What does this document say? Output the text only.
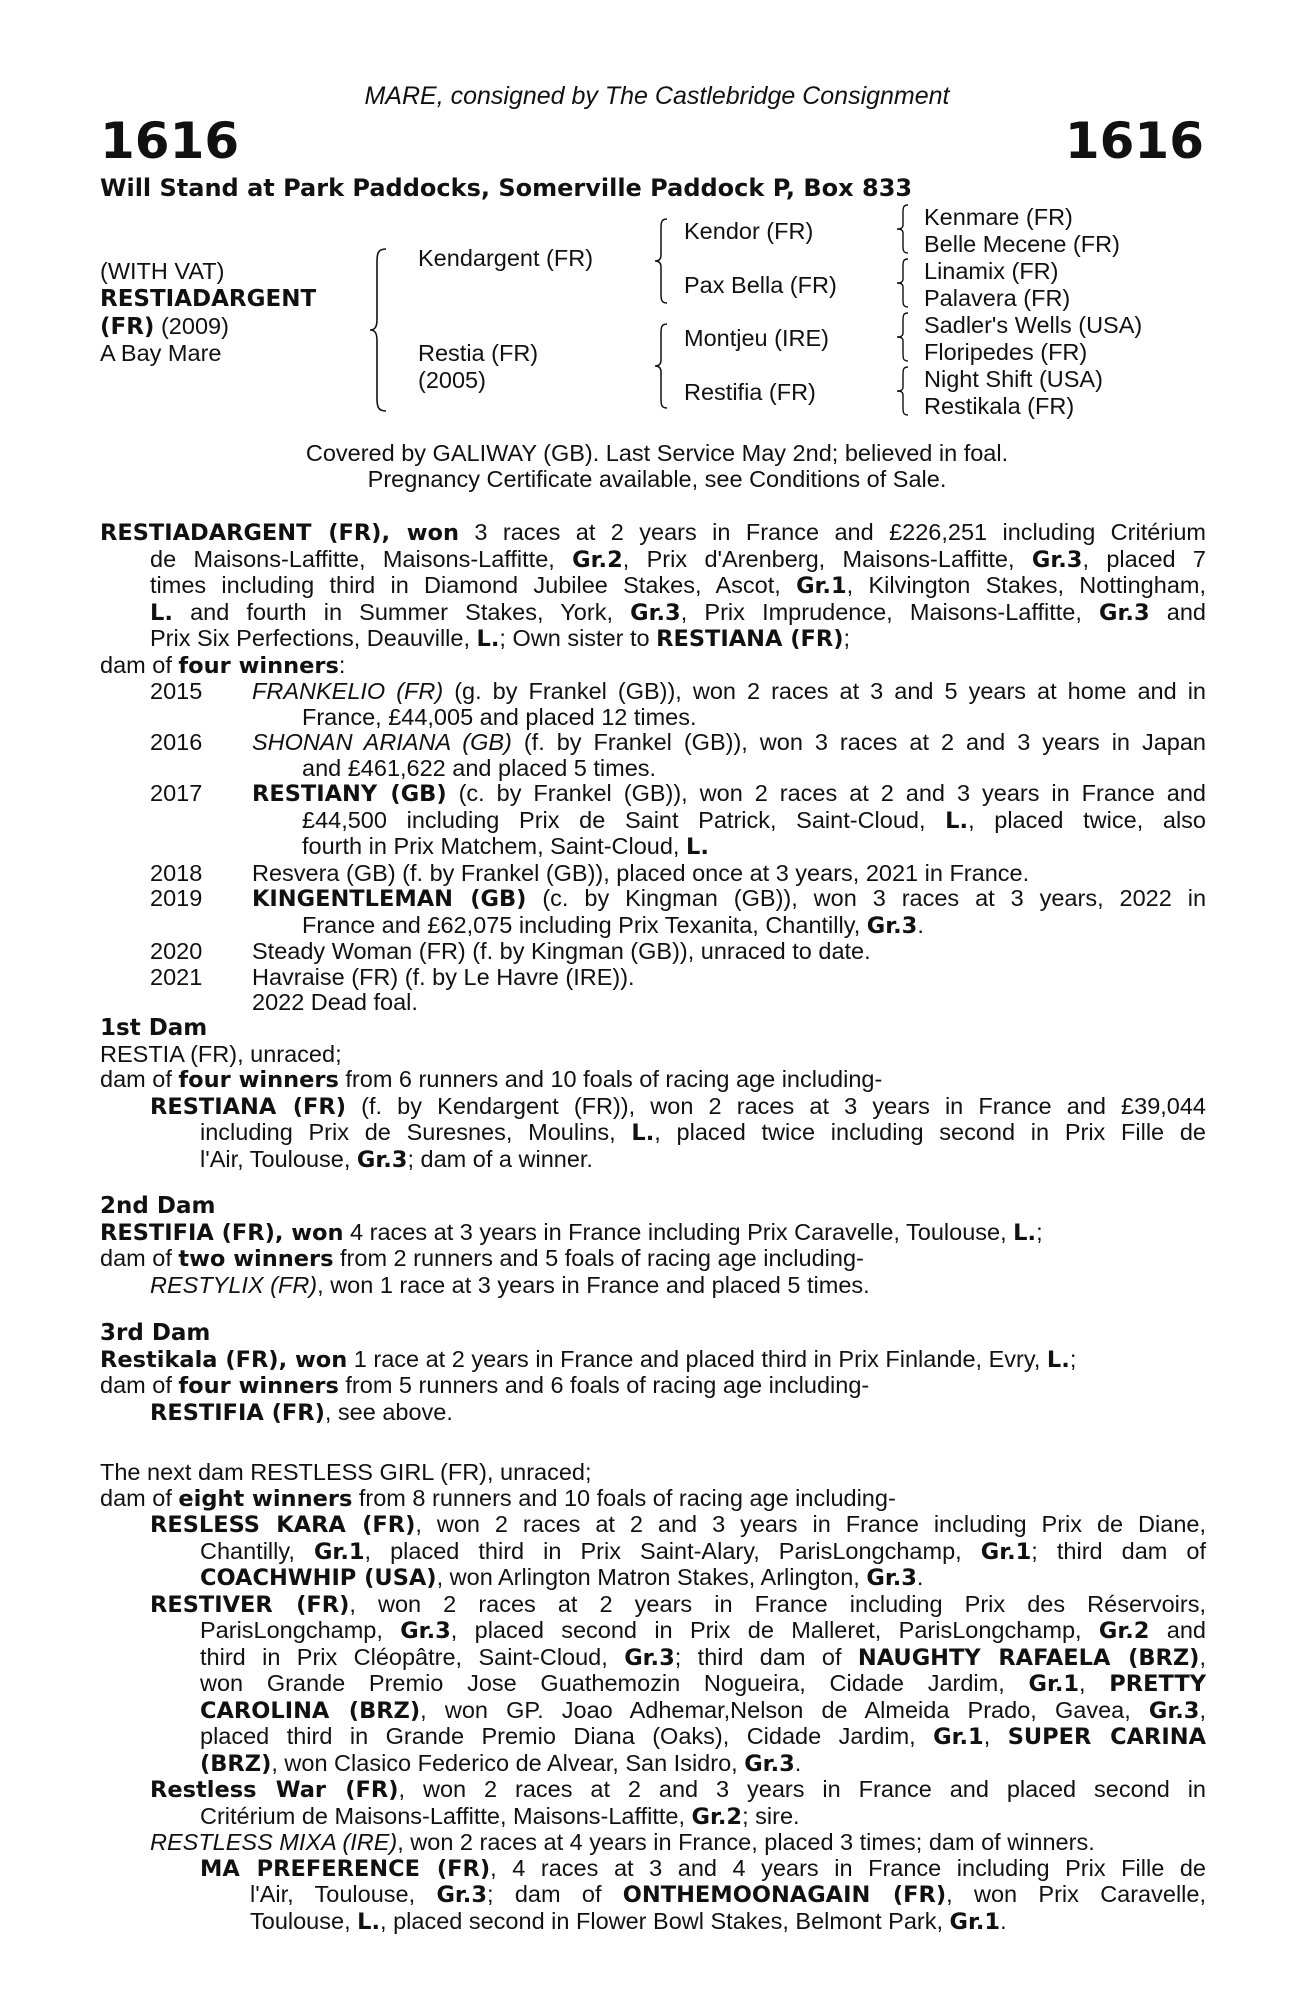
MARE, consigned by The Castlebridge Consignment
1616	1616
Will Stand at Park Paddocks, Somerville Paddock P, Box 833
(WITH VAT)
RESTIADARGENT
(FR) (2009)
A Bay Mare
Kendargent (FR)
Restia (FR)
(2005)
Kendor (FR)
Pax Bella (FR)
Montjeu (IRE)
Restifia (FR)
Kenmare (FR)
Belle Mecene (FR)
Linamix (FR)
Palavera (FR)
Sadler's Wells (USA)
Floripedes (FR)
Night Shift (USA)
Restikala (FR)
Covered by GALIWAY (GB). Last Service May 2nd; believed in foal.
Pregnancy Certificate available, see Conditions of Sale.
RESTIADARGENT (FR), won 3 races at 2 years in France and £226,251 including Critérium
de Maisons-Laffitte, Maisons-Laffitte, Gr.2, Prix d'Arenberg, Maisons-Laffitte, Gr.3, placed 7
times including third in Diamond Jubilee Stakes, Ascot, Gr.1, Kilvington Stakes, Nottingham,
L. and fourth in Summer Stakes, York, Gr.3, Prix Imprudence, Maisons-Laffitte, Gr.3 and
Prix Six Perfections, Deauville, L.; Own sister to RESTIANA (FR);
dam of four winners:
2015	FRANKELIO (FR) (g. by Frankel (GB)), won 2 races at 3 and 5 years at home and in
France, £44,005 and placed 12 times.
2016	SHONAN ARIANA (GB) (f. by Frankel (GB)), won 3 races at 2 and 3 years in Japan
and £461,622 and placed 5 times.
2017	RESTIANY (GB) (c. by Frankel (GB)), won 2 races at 2 and 3 years in France and
£44,500 including Prix de Saint Patrick, Saint-Cloud, L., placed twice, also
fourth in Prix Matchem, Saint-Cloud, L.
2018	Resvera (GB) (f. by Frankel (GB)), placed once at 3 years, 2021 in France.
2019	KINGENTLEMAN (GB) (c. by Kingman (GB)), won 3 races at 3 years, 2022 in
France and £62,075 including Prix Texanita, Chantilly, Gr.3.
2020	Steady Woman (FR) (f. by Kingman (GB)), unraced to date.
2021	Havraise (FR) (f. by Le Havre (IRE)).
2022 Dead foal.
1st Dam
RESTIA (FR), unraced;
dam of four winners from 6 runners and 10 foals of racing age including-
RESTIANA (FR) (f. by Kendargent (FR)), won 2 races at 3 years in France and £39,044
including Prix de Suresnes, Moulins, L., placed twice including second in Prix Fille de
l'Air, Toulouse, Gr.3; dam of a winner.
2nd Dam
RESTIFIA (FR), won 4 races at 3 years in France including Prix Caravelle, Toulouse, L.;
dam of two winners from 2 runners and 5 foals of racing age including-
RESTYLIX (FR), won 1 race at 3 years in France and placed 5 times.
3rd Dam
Restikala (FR), won 1 race at 2 years in France and placed third in Prix Finlande, Evry, L.;
dam of four winners from 5 runners and 6 foals of racing age including-
RESTIFIA (FR), see above.
The next dam RESTLESS GIRL (FR), unraced;
dam of eight winners from 8 runners and 10 foals of racing age including-
RESLESS KARA (FR), won 2 races at 2 and 3 years in France including Prix de Diane,
Chantilly, Gr.1, placed third in Prix Saint-Alary, ParisLongchamp, Gr.1; third dam of
COACHWHIP (USA), won Arlington Matron Stakes, Arlington, Gr.3.
RESTIVER (FR), won 2 races at 2 years in France including Prix des Réservoirs,
ParisLongchamp, Gr.3, placed second in Prix de Malleret, ParisLongchamp, Gr.2 and
third in Prix Cléopâtre, Saint-Cloud, Gr.3; third dam of NAUGHTY RAFAELA (BRZ),
won Grande Premio Jose Guathemozin Nogueira, Cidade Jardim, Gr.1, PRETTY
CAROLINA (BRZ), won GP. Joao Adhemar,Nelson de Almeida Prado, Gavea, Gr.3,
placed third in Grande Premio Diana (Oaks), Cidade Jardim, Gr.1, SUPER CARINA
(BRZ), won Clasico Federico de Alvear, San Isidro, Gr.3.
Restless War (FR), won 2 races at 2 and 3 years in France and placed second in
Critérium de Maisons-Laffitte, Maisons-Laffitte, Gr.2; sire.
RESTLESS MIXA (IRE), won 2 races at 4 years in France, placed 3 times; dam of winners.
MA PREFERENCE (FR), 4 races at 3 and 4 years in France including Prix Fille de
l'Air, Toulouse, Gr.3; dam of ONTHEMOONAGAIN (FR), won Prix Caravelle,
Toulouse, L., placed second in Flower Bowl Stakes, Belmont Park, Gr.1.
